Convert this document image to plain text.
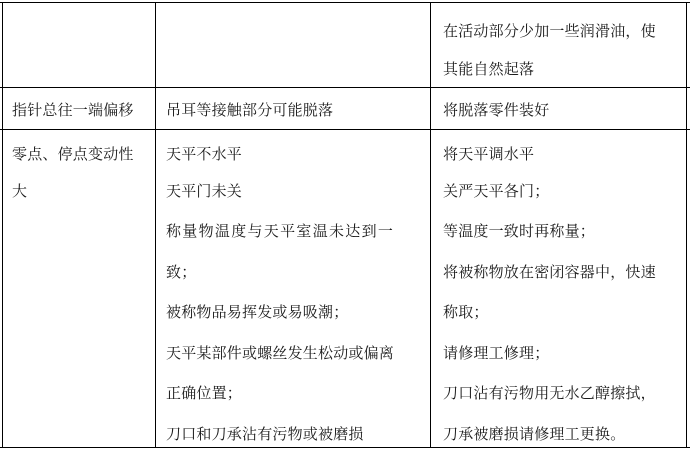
在活动部分少加一些润滑油，使
其能自然起落
指针总往一端偏移 吊耳等接触部分可能脱落	将脱落零件装好
零点、停点变动性
大
天平不水平
天平门未关
称量物温度与天平室温未达到一
致；
被称物品易挥发或易吸潮；
天平某部件或螺丝发生松动或偏离
正确位置；
刀口和刀承沾有污物或被磨损
将天平调水平
关严天平各门；
等温度一致时再称量；
将被称物放在密闭容器中，快速
称取；
请修理工修理；
刀口沾有污物用无水乙醇擦拭，
刀承被磨损请修理工更换。
